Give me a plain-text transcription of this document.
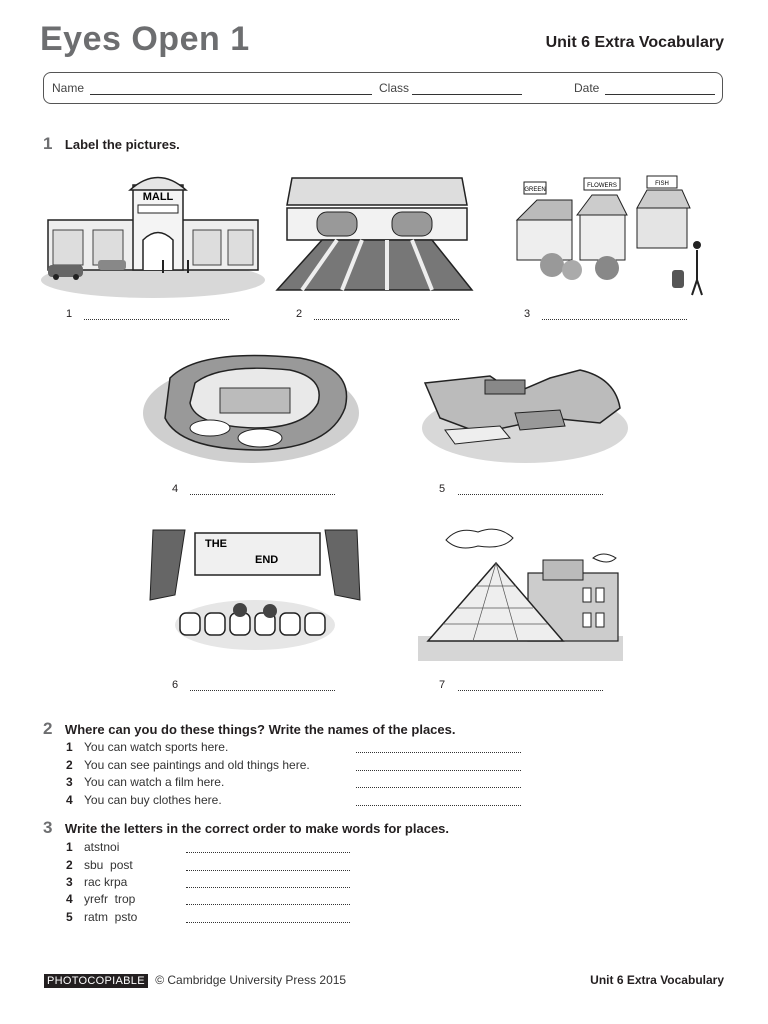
Eyes Open 1	Unit 6 Extra Vocabulary
Name	Class	Date
1 Label the pictures.
MALL
GREEN
FLOWERS	FISH
1	2	3
4	5
THE
END
6	7
2 Where can you do these things? Write the names of the places.
1 You can watch sports here.
2 You can see paintings and old things here.
3 You can watch a film here.
4 You can buy clothes here.
3 Write the letters in the correct order to make words for places.
1 atstnoi
2 sbu  post
3 rac krpa
4 yrefr  trop
5 ratm  psto
PHOTOCOPIABLE © Cambridge University Press 2015	Unit 6 Extra Vocabulary
